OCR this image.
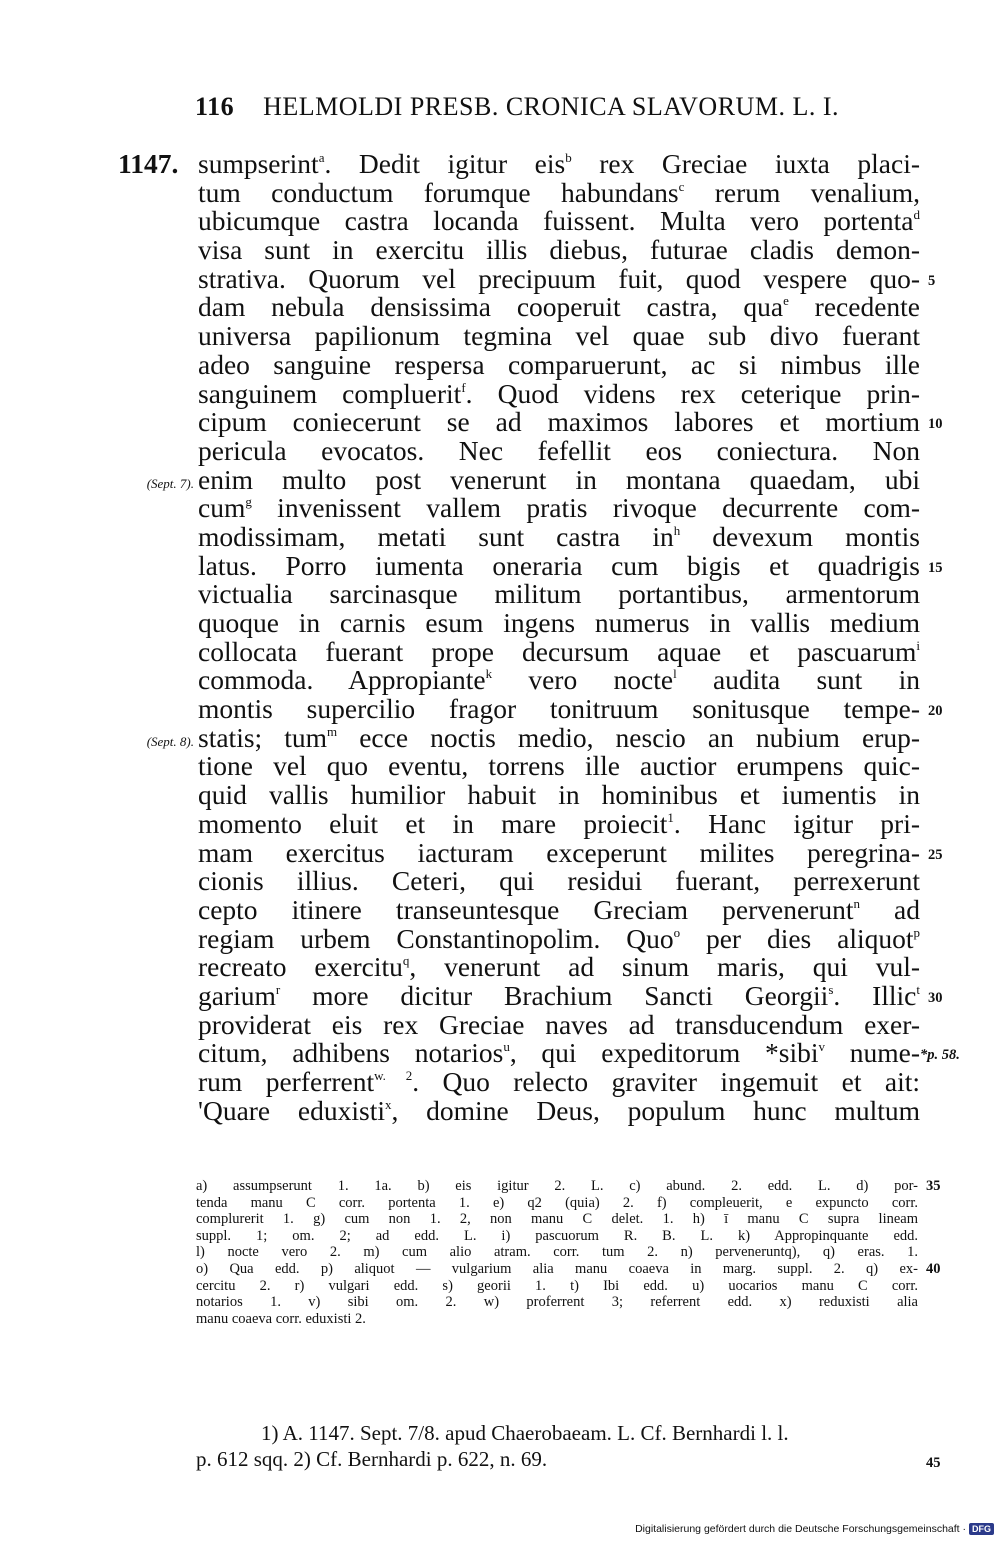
116 HELMOLDI PRESB. CRONICA SLAVORUM. L. I.
1147. sumpserint$^a$. Dedit igitur eis$^b$ rex Greciae iuxta placi-
tum conductum forumque habundans$^c$ rerum venalium,
ubicumque castra locanda fuissent. Multa vero portenta$^d$
visa sunt in exercitu illis diebus, futurae cladis demon-
strativa. Quorum vel precipuum fuit, quod vespere quo- 5
dam nebula densissima cooperuit castra, qua$^e$ recedente
universa papilionum tegmina vel quae sub divo fuerant
adeo sanguine respersa comparuerunt, ac si nimbus ille
sanguinem compluerit$^f$. Quod videns rex ceterique prin-
cipum coniecerunt se ad maximos labores et mortium 10
pericula evocatos. Nec fefellit eos coniectura. Non
(Sept. 7). enim multo post venerunt in montana quaedam, ubi
cum$^g$ invenissent vallem pratis rivoque decurrente com-
modissimam, metati sunt castra $in^h$ devexum montis
latus. Porro iumenta oneraria cum bigis et quadrigis 15
victualia sarcinasque militum portantibus, armentorum
quoque in carnis esum ingens numerus in vallis medium
collocata fuerant prope decursum aquae et pascuarum$^i$
commoda. Appropiante$^k$ vero nocte$^l$ audita sunt in
montis supercilio fragor tonitruum sonitusque tempe- 20
(Sept. 8). statis; tum$^m$ ecce noctis medio, nescio an nubium erup-
tione vel quo eventu, torrens ille auctior erumpens quic-
quid vallis humilior habuit in hominibus et iumentis in
momento eluit et in mare proiecit$^1$. Hanc igitur pri-
mam exercitus iacturam exceperunt milites peregrina- 25
cionis illius. Ceteri, qui residui fuerant, perrexerunt
cepto itinere transeuntesque Greciam pervenerunt$^n$ ad
regiam urbem Constantinopolim. Quo$^o$ per dies aliquot$^p$
recreato exercitu$^q$, venerunt ad sinum maris, qui vul-
garium$^r$ more dicitur Brachium Sancti Georgii$^s$. Illic$^t$
30
providerat eis rex Greciae naves ad transducendum exer-
citum, adhibens notarios$^u$, qui expeditorum *sibi$^v$ nume- *p. 58.
rum perferrent$^{w. 2}$. Quo relecto graviter ingemuit et ait:
'Quare eduxisti$^x$, domine Deus, populum hunc multum
a) assumpserunt 1. 1a. b) eis igitur 2. L. c) abund. 2. edd. L. d) por- 35
tenda manu C corr. portenta 1. e) q2 (quia) 2. f) compleuerit, e expuncto corr.
complurerit 1. g) cum non 1. 2, non manu C delet. 1. h) ī manu C supra lineam
suppl. 1; om. 2; ad edd. L. i) pascuorum R. B. L. k) Appropinquante edd.
l) nocte vero 2. m) cum alio atram. corr. tum 2. n) perveneruntq), q) eras. 1.
o) Qua edd. p) aliquot — vulgarium alia manu coaeva in marg. suppl. 2. q) ex- 40
cercitu 2. r) vulgari edd. s) georii 1. t) Ibi edd. u) uocarios manu C corr.
notarios 1. v) sibi om. 2. w) proferrent 3; referrent edd. x) reduxisti alia
manu coaeva corr. eduxisti 2.
1) A. 1147. Sept. 7/8. apud Chaerobaeam. L. Cf. Bernhardi l. l.
p. 612 sqq. 2) Cf. Bernhardi p. 622, n. 69.	45
Digitalisierung gefördert durch die Deutsche Forschungsgemeinschaft · DFG
